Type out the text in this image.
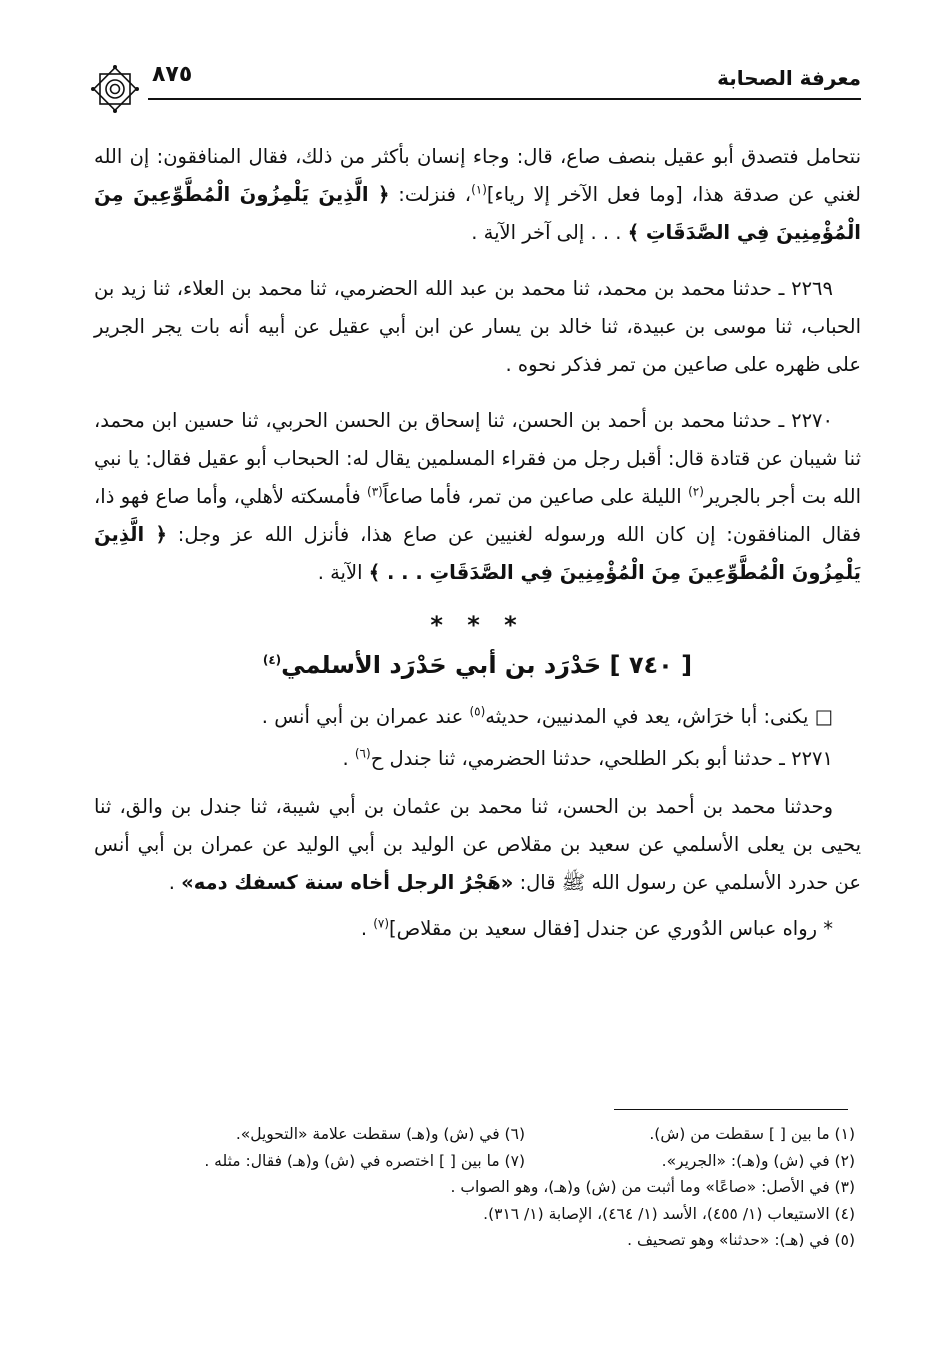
٨٧٥	معرفة الصحابة

نتحامل فتصدق أبو عقيل بنصف صاع، قال: وجاء إنسان بأكثر من ذلك، فقال المنافقون: إن الله لغني عن صدقة هذا، [وما فعل الآخر إلا رياء]$^{(١)}$، فنزلت: ﴿ الَّذِينَ يَلْمِزُونَ الْمُطَّوِّعِينَ مِنَ الْمُؤْمِنِينَ فِي الصَّدَقَاتِ ﴾ . . . إلى آخر الآية .

٢٢٦٩ ـ حدثنا محمد بن محمد، ثنا محمد بن عبد الله الحضرمي، ثنا محمد بن العلاء، ثنا زيد بن الحباب، ثنا موسى بن عبيدة، ثنا خالد بن يسار عن ابن أبي عقيل عن أبيه أنه بات يجر الجرير على ظهره على صاعين من تمر فذكر نحوه .

٢٢٧٠ ـ حدثنا محمد بن أحمد بن الحسن، ثنا إسحاق بن الحسن الحربي، ثنا حسين ابن محمد، ثنا شيبان عن قتادة قال: أقبل رجل من فقراء المسلمين يقال له: الحبحاب أبو عقيل فقال: يا نبي الله بت أجر بالجرير$^{(٢)}$ الليلة على صاعين من تمر، فأما صاعاً$^{(٣)}$ فأمسكته لأهلي، وأما صاع فهو ذا، فقال المنافقون: إن كان الله ورسوله لغنيين عن صاع هذا، فأنزل الله عز وجل: ﴿ الَّذِينَ يَلْمِزُونَ الْمُطَّوِّعِينَ مِنَ الْمُؤْمِنِينَ فِي الصَّدَقَاتِ . . . ﴾ الآية .

* * *
[ ٧٤٠ ] حَدْرَد بن أبي حَدْرَد الأسلمي$^{(٤)}$

□ يكنى: أبا خرَاش، يعد في المدنيين، حديثه$^{(٥)}$ عند عمران بن أبي أنس .

٢٢٧١ ـ حدثنا أبو بكر الطلحي، حدثنا الحضرمي، ثنا جندل ح$^{(٦)}$ .

وحدثنا محمد بن أحمد بن الحسن، ثنا محمد بن عثمان بن أبي شيبة، ثنا جندل بن والق، ثنا يحيى بن يعلى الأسلمي عن سعيد بن مقلاص عن الوليد بن أبي الوليد عن عمران بن أبي أنس عن حدرد الأسلمي عن رسول الله ﷺ قال: «هَجْرُ الرجل أخاه سنة كسفك دمه» .

* رواه عباس الدُوري عن جندل [فقال سعيد بن مقلاص]$^{(٧)}$ .

(١) ما بين [ ] سقطت من (ش).
(٦) في (ش) و(هـ) سقطت علامة «التحويل».
(٢) في (ش) و(هـ): «الجرير».
(٧) ما بين [ ] اختصره في (ش) و(هـ) فقال: مثله .
(٣) في الأصل: «صاعًا» وما أثبت من (ش) و(هـ)، وهو الصواب .
(٤) الاستيعاب (١/ ٤٥٥)، الأسد (١/ ٤٦٤)، الإصابة (١/ ٣١٦).
(٥) في (هـ): «حدثنا» وهو تصحيف .
